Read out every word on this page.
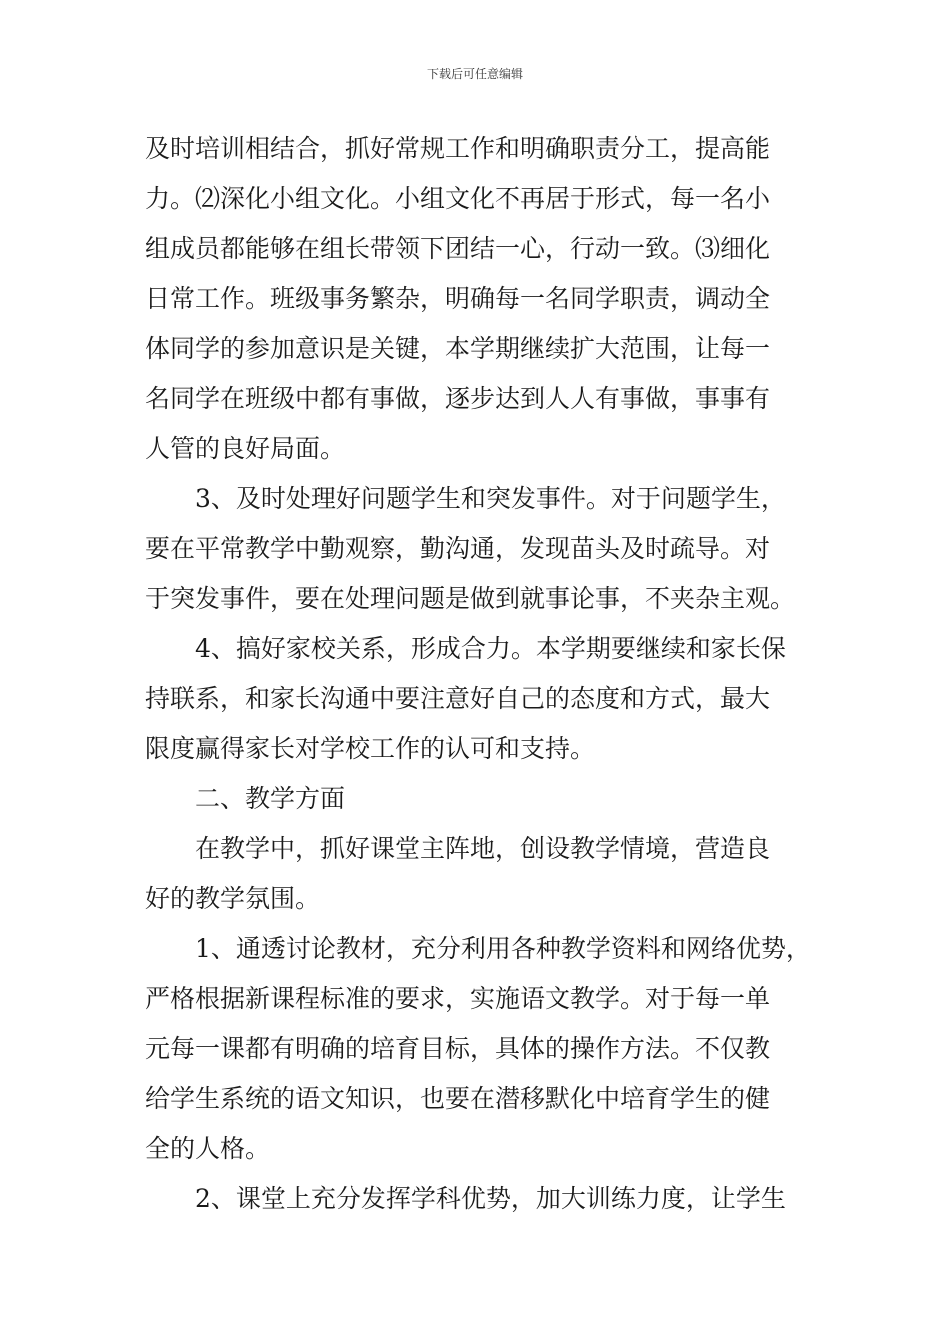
下载后可任意编辑
及时培训相结合，抓好常规工作和明确职责分工，提高能
力。⑵深化小组文化。小组文化不再居于形式，每一名小
组成员都能够在组长带领下团结一心，行动一致。⑶细化
日常工作。班级事务繁杂，明确每一名同学职责，调动全
体同学的参加意识是关键，本学期继续扩大范围，让每一
名同学在班级中都有事做，逐步达到人人有事做，事事有
人管的良好局面。
3、及时处理好问题学生和突发事件。对于问题学生，
要在平常教学中勤观察，勤沟通，发现苗头及时疏导。对
于突发事件，要在处理问题是做到就事论事，不夹杂主观。
4、搞好家校关系，形成合力。本学期要继续和家长保
持联系，和家长沟通中要注意好自己的态度和方式，最大
限度赢得家长对学校工作的认可和支持。
二、教学方面
在教学中，抓好课堂主阵地，创设教学情境，营造良
好的教学氛围。
1、通透讨论教材，充分利用各种教学资料和网络优势，
严格根据新课程标准的要求，实施语文教学。对于每一单
元每一课都有明确的培育目标，具体的操作方法。不仅教
给学生系统的语文知识，也要在潜移默化中培育学生的健
全的人格。
2、课堂上充分发挥学科优势，加大训练力度，让学生
